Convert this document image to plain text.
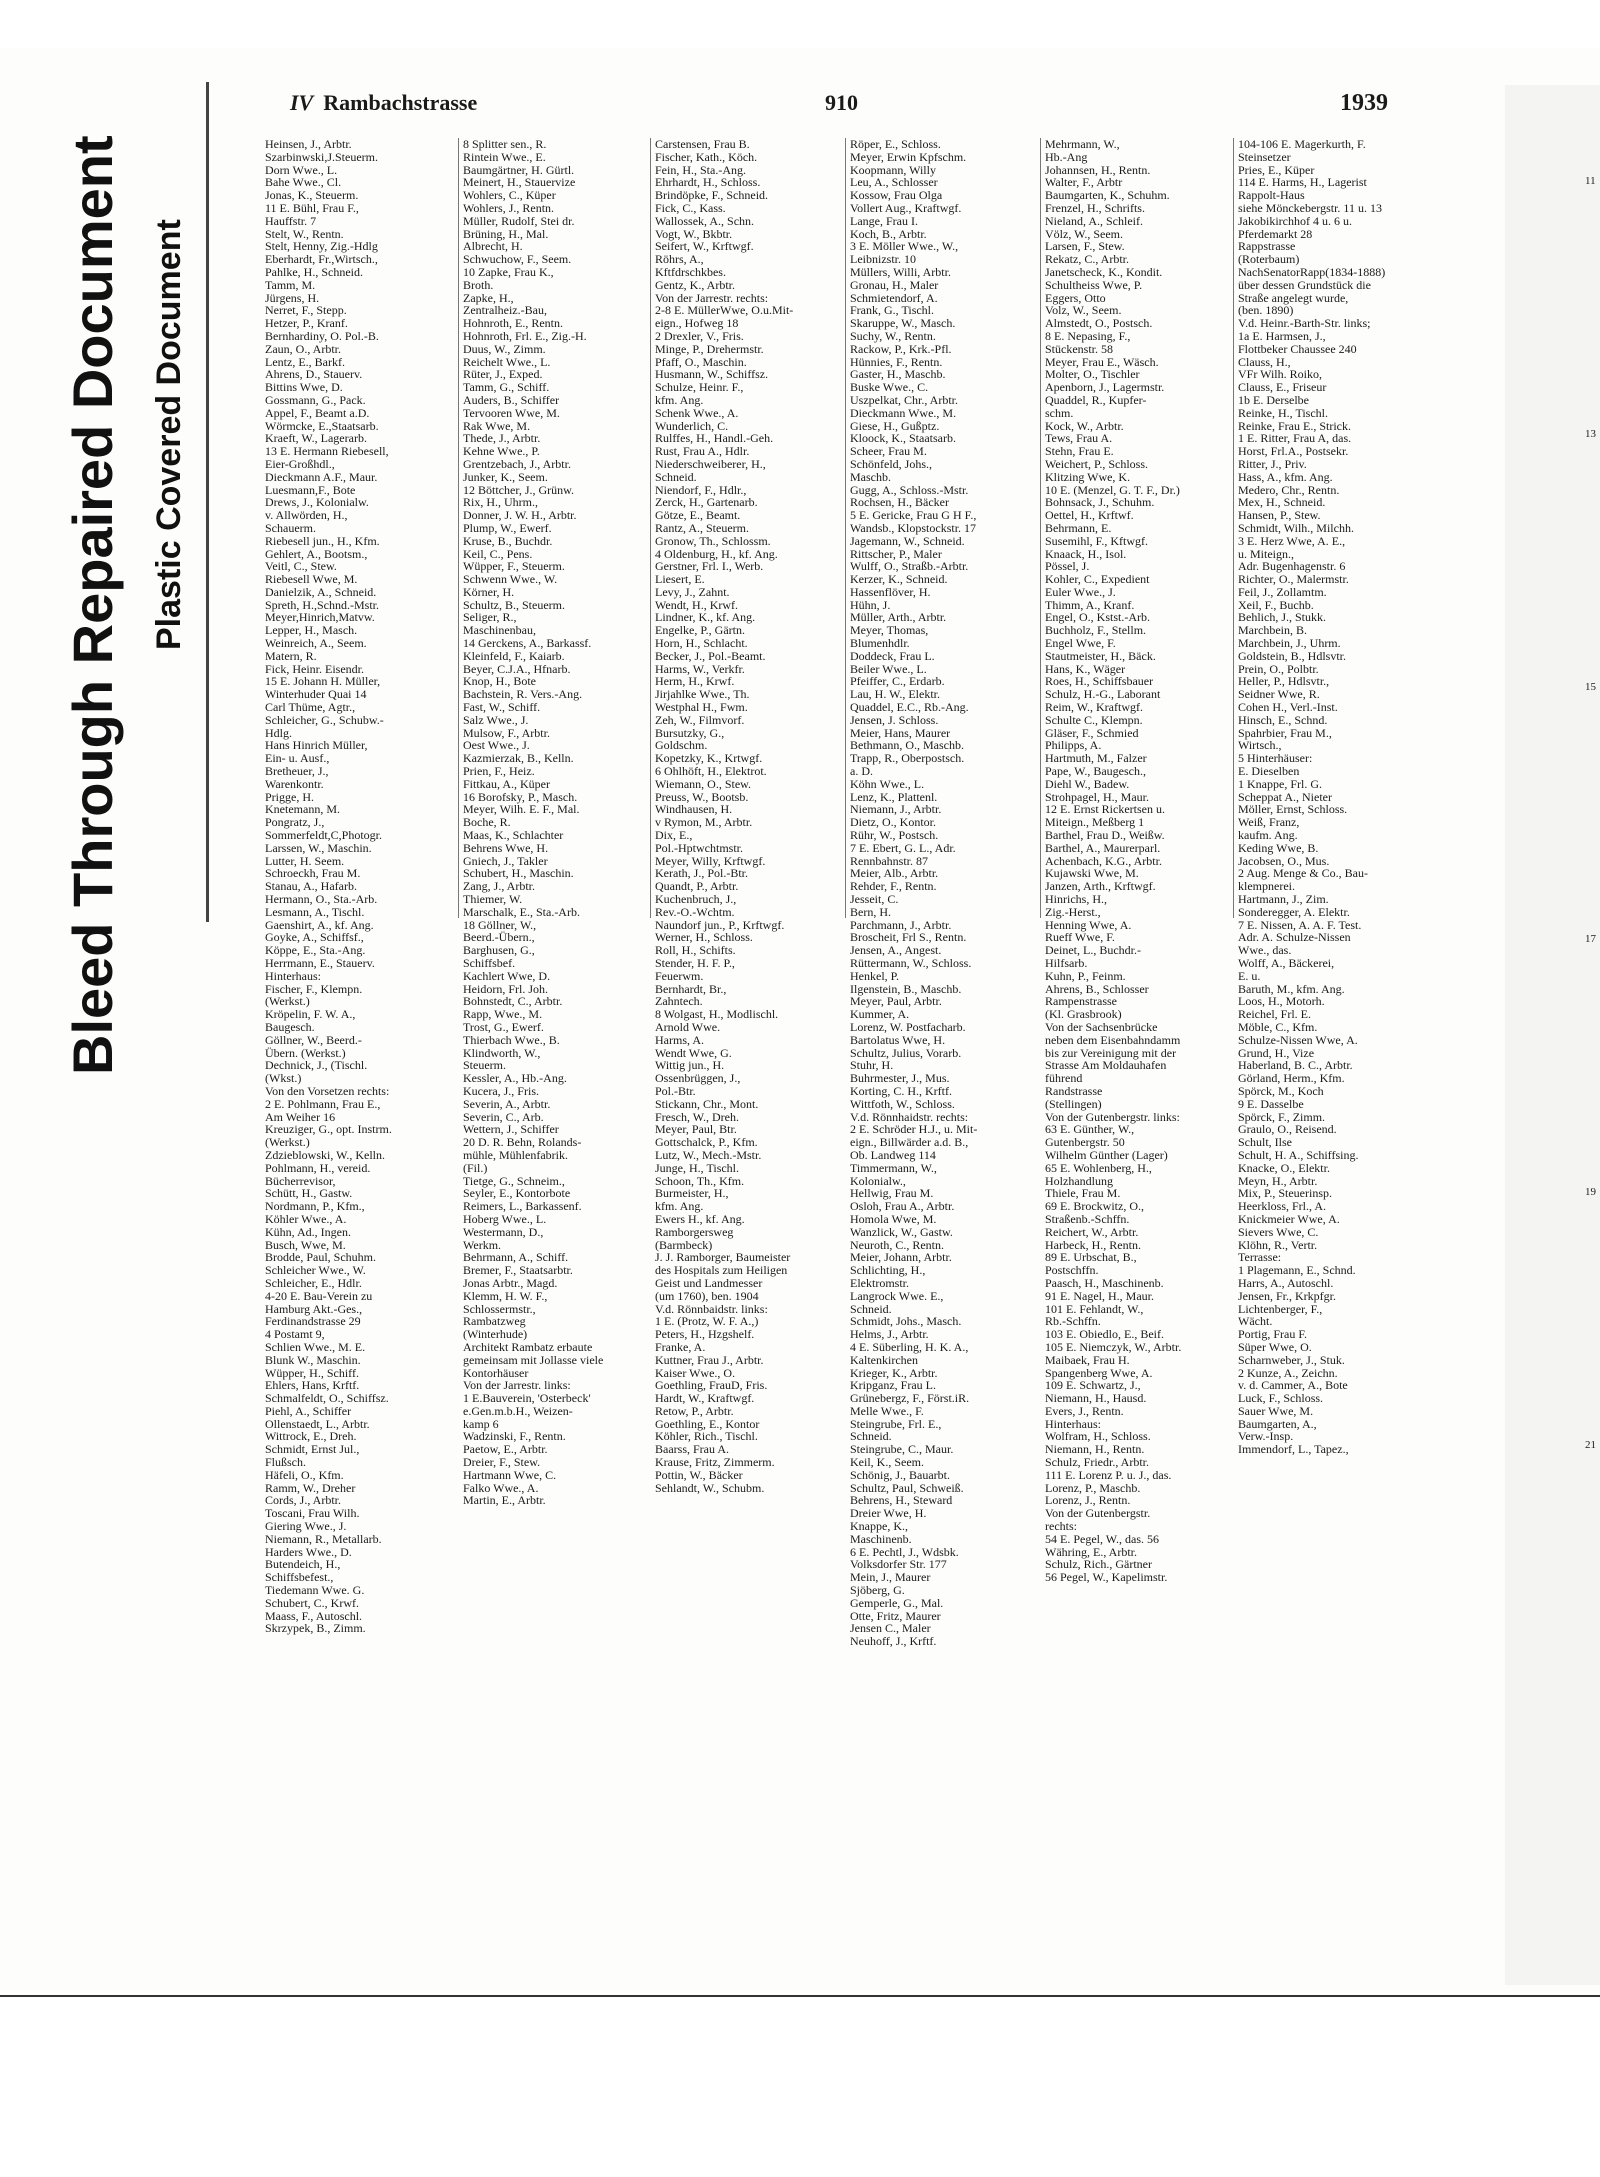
Bleed Through Repaired Document Plastic Covered Document
IV Rambachstrasse	910	1939
Heinsen, J., Arbtr.
Szarbinwski,J.Steuerm.
Dorn Wwe., L.
Bahe Wwe., Cl.
Jonas, K., Steuerm.
11 E. Bühl, Frau F.,
Hauffstr. 7
Stelt, W., Rentn.
Stelt, Henny, Zig.-Hdlg
Eberhardt, Fr.,Wirtsch.,
Pahlke, H., Schneid.
Tamm, M.
Jürgens, H.
Nerret, F., Stepp.
Hetzer, P., Kranf.
Bernhardiny, O. Pol.-B.
Zaun, O., Arbtr.
Lentz, E., Barkf.
Ahrens, D., Stauerv.
Bittins Wwe, D.
Gossmann, G., Pack.
Appel, F., Beamt a.D.
Wörmcke, E.,Staatsarb.
Kraeft, W., Lagerarb.
13 E. Hermann Riebesell,
Eier-Großhdl.,
Dieckmann A.F., Maur.
Luesmann,F., Bote
Drews, J., Kolonialw.
v. Allwörden, H.,
Schauerm.
Riebesell jun., H., Kfm.
Gehlert, A., Bootsm.,
Veitl, C., Stew.
Riebesell Wwe, M.
Danielzik, A., Schneid.
Spreth, H.,Schnd.-Mstr.
Meyer,Hinrich,Matvw.
Lepper, H., Masch.
Weinreich, A., Seem.
Matern, R.
Fick, Heinr. Eisendr.
15 E. Johann H. Müller,
Winterhuder Quai 14
Carl Thüme, Agtr.,
Schleicher, G., Schubw.-
Hdlg.
Hans Hinrich Müller,
Ein- u. Ausf.,
Bretheuer, J.,
Warenkontr.
Prigge, H.
Knetemann, M.
Pongratz, J.,
Sommerfeldt,C,Photogr.
Larssen, W., Maschin.
Lutter, H. Seem.
Schroeckh, Frau M.
Stanau, A., Hafarb.
Hermann, O., Sta.-Arb.
Lesmann, A., Tischl.
Gaenshirt, A., kf. Ang.
Goyke, A., Schiffsf.,
Köppe, E., Sta.-Ang.
Herrmann, E., Stauerv.
Hinterhaus:
Fischer, F., Klempn.
(Werkst.)
Kröpelin, F. W. A.,
Baugesch.
Göllner, W., Beerd.-
Übern. (Werkst.)
Dechnick, J., (Tischl.
(Wkst.)
Von den Vorsetzen rechts:
2 E. Pohlmann, Frau E.,
Am Weiher 16
Kreuziger, G., opt. Instrm.
(Werkst.)
Zdzieblowski, W., Kelln.
Pohlmann, H., vereid.
Bücherrevisor,
Schütt, H., Gastw.
Nordmann, P., Kfm.,
Köhler Wwe., A.
Kühn, Ad., Ingen.
Busch, Wwe, M.
Brodde, Paul, Schuhm.
Schleicher Wwe., W.
Schleicher, E., Hdlr.
4-20 E. Bau-Verein zu
Hamburg Akt.-Ges.,
Ferdinandstrasse 29
4 Postamt 9,
Schlien Wwe., M. E.
Blunk W., Maschin.
Wüpper, H., Schiff.
Ehlers, Hans, Krftf.
Schmalfeldt, O., Schiffsz.
Piehl, A., Schiffer
Ollenstaedt, L., Arbtr.
Wittrock, E., Dreh.
Schmidt, Ernst Jul.,
Flußsch.
Häfeli, O., Kfm.
Ramm, W., Dreher
Cords, J., Arbtr.
Toscani, Frau Wilh.
Giering Wwe., J.
Niemann, R., Metallarb.
Harders Wwe., D.
Butendeich, H.,
Schiffsbefest.,
Tiedemann Wwe. G.
Schubert, C., Krwf.
Maass, F., Autoschl.
Skrzypek, B., Zimm.
8 Splitter sen., R.
Rintein Wwe., E.
Baumgärtner, H. Gürtl.
Meinert, H., Stauervize
Wohlers, C., Küper
Wohlers, J., Rentn.
Müller, Rudolf, Stei dr.
Brüning, H., Mal.
Albrecht, H.
Schwuchow, F., Seem.
10 Zapke, Frau K.,
Broth.
Zapke, H.,
Zentralheiz.-Bau,
Hohnroth, E., Rentn.
Hohnroth, Frl. E., Zig.-H.
Duus, W., Zimm.
Reichelt Wwe., L.
Rüter, J., Exped.
Tamm, G., Schiff.
Auders, B., Schiffer
Tervooren Wwe, M.
Rak Wwe, M.
Thede, J., Arbtr.
Kehne Wwe., P.
Grentzebach, J., Arbtr.
Junker, K., Seem.
12 Böttcher, J., Grünw.
Rix, H., Uhrm.,
Donner, J. W. H., Arbtr.
Plump, W., Ewerf.
Kruse, B., Buchdr.
Keil, C., Pens.
Wüpper, F., Steuerm.
Schwenn Wwe., W.
Körner, H.
Schultz, B., Steuerm.
Seliger, R.,
Maschinenbau,
14 Gerckens, A., Barkassf.
Kleinfeld, F., Kaiarb.
Beyer, C.J.A., Hfnarb.
Knop, H., Bote
Bachstein, R. Vers.-Ang.
Fast, W., Schiff.
Salz Wwe., J.
Mulsow, F., Arbtr.
Oest Wwe., J.
Kazmierzak, B., Kelln.
Prien, F., Heiz.
Fittkau, A., Küper
16 Borofsky, P., Masch.
Meyer, Wilh. E. F., Mal.
Boche, R.
Maas, K., Schlachter
Behrens Wwe, H.
Gniech, J., Takler
Schubert, H., Maschin.
Zang, J., Arbtr.
Thiemer, W.
Marschalk, E., Sta.-Arb.
18 Göllner, W.,
Beerd.-Übern.,
Barghusen, G.,
Schiffsbef.
Kachlert Wwe, D.
Heidorn, Frl. Joh.
Bohnstedt, C., Arbtr.
Rapp, Wwe., M.
Trost, G., Ewerf.
Thierbach Wwe., B.
Klindworth, W.,
Steuerm.
Kessler, A., Hb.-Ang.
Kucera, J., Fris.
Severin, A., Arbtr.
Severin, C., Arb.
Wettern, J., Schiffer
20 D. R. Behn, Rolands-
mühle, Mühlenfabrik.
(Fil.)
Tietge, G., Schneim.,
Seyler, E., Kontorbote
Reimers, L., Barkassenf.
Hoberg Wwe., L.
Westermann, D.,
Werkm.
Behrmann, A., Schiff.
Bremer, F., Staatsarbtr.
Jonas Arbtr., Magd.
Klemm, H. W. F.,
Schlossermstr.,
Rambatzweg
(Winterhude)
Architekt Rambatz erbaute
gemeinsam mit Jollasse viele
Kontorhäuser
Von der Jarrestr. links:
1 E.Bauverein, 'Osterbeck'
e.Gen.m.b.H., Weizen-
kamp 6
Wadzinski, F., Rentn.
Paetow, E., Arbtr.
Dreier, F., Stew.
Hartmann Wwe, C.
Falko Wwe., A.
Martin, E., Arbtr.
Carstensen, Frau B.
Fischer, Kath., Köch.
Fein, H., Sta.-Ang.
Ehrhardt, H., Schloss.
Brindöpke, F., Schneid.
Fick, C., Kass.
Wallossek, A., Schn.
Vogt, W., Bkbtr.
Seifert, W., Krftwgf.
Röhrs, A.,
Kftfdrschkbes.
Gentz, K., Arbtr.
Von der Jarrestr. rechts:
2-8 E. MüllerWwe, O.u.Mit-
eign., Hofweg 18
2 Drexler, V., Fris.
Minge, P., Drehermstr.
Pfaff, O., Maschin.
Husmann, W., Schiffsz.
Schulze, Heinr. F.,
kfm. Ang.
Schenk Wwe., A.
Wunderlich, C.
Rulffes, H., Handl.-Geh.
Rust, Frau A., Hdlr.
Niederschweiberer, H.,
Schneid.
Niendorf, F., Hdlr.,
Zerck, H., Gartenarb.
Götze, E., Beamt.
Rantz, A., Steuerm.
Gronow, Th., Schlossm.
4 Oldenburg, H., kf. Ang.
Gerstner, Frl. I., Werb.
Liesert, E.
Levy, J., Zahnt.
Wendt, H., Krwf.
Lindner, K., kf. Ang.
Engelke, P., Gärtn.
Horn, H., Schlacht.
Becker, J., Pol.-Beamt.
Harms, W., Verkfr.
Herm, H., Krwf.
Jirjahlke Wwe., Th.
Westphal H., Fwm.
Zeh, W., Filmvorf.
Bursutzky, G.,
Goldschm.
Kopetzky, K., Krtwgf.
6 Ohlhöft, H., Elektrot.
Wiemann, O., Stew.
Preuss, W., Bootsb.
Windhausen, H.
v Rymon, M., Arbtr.
Dix, E.,
Pol.-Hptwchtmstr.
Meyer, Willy, Krftwgf.
Kerath, J., Pol.-Btr.
Quandt, P., Arbtr.
Kuchenbruch, J.,
Rev.-O.-Wchtm.
Naundorf jun., P., Krftwgf.
Werner, H., Schloss.
Roll, H., Schifts.
Stender, H. F. P.,
Feuerwm.
Bernhardt, Br.,
Zahntech.
8 Wolgast, H., Modlischl.
Arnold Wwe.
Harms, A.
Wendt Wwe, G.
Wittig jun., H.
Ossenbrüggen, J.,
Pol.-Btr.
Stickann, Chr., Mont.
Fresch, W., Dreh.
Meyer, Paul, Btr.
Gottschalck, P., Kfm.
Lutz, W., Mech.-Mstr.
Junge, H., Tischl.
Schoon, Th., Kfm.
Burmeister, H.,
kfm. Ang.
Ewers H., kf. Ang.
Ramborgersweg
(Barmbeck)
J. J. Ramborger, Baumeister
des Hospitals zum Heiligen
Geist und Landmesser
(um 1760), ben. 1904
V.d. Rönnbaidstr. links:
1 E. (Protz, W. F. A.,)
Peters, H., Hzgshelf.
Franke, A.
Kuttner, Frau J., Arbtr.
Kaiser Wwe., O.
Goethling, FrauD, Fris.
Hardt, W., Kraftwgf.
Retow, P., Arbtr.
Goethling, E., Kontor
Köhler, Rich., Tischl.
Baarss, Frau A.
Krause, Fritz, Zimmerm.
Pottin, W., Bäcker
Sehlandt, W., Schubm.
Röper, E., Schloss.
Meyer, Erwin Kpfschm.
Koopmann, Willy
Leu, A., Schlosser
Kossow, Frau Olga
Vollert Aug., Kraftwgf.
Lange, Frau I.
Koch, B., Arbtr.
3 E. Möller Wwe., W.,
Leibnizstr. 10
Müllers, Willi, Arbtr.
Gronau, H., Maler
Schmietendorf, A.
Frank, G., Tischl.
Skaruppe, W., Masch.
Suchy, W., Rentn.
Rackow, P., Krk.-Pfl.
Hünnies, F., Rentn.
Gaster, H., Maschb.
Buske Wwe., C.
Uszpelkat, Chr., Arbtr.
Dieckmann Wwe., M.
Giese, H., Gußptz.
Kloock, K., Staatsarb.
Scheer, Frau M.
Schönfeld, Johs.,
Maschb.
Gugg, A., Schloss.-Mstr.
Rochsen, H., Bäcker
5 E. Gericke, Frau G H F.,
Wandsb., Klopstockstr. 17
Jagemann, W., Schneid.
Rittscher, P., Maler
Wulff, O., Straßb.-Arbtr.
Kerzer, K., Schneid.
Hassenflöver, H.
Hühn, J.
Müller, Arth., Arbtr.
Meyer, Thomas,
Blumenhdlr.
Doddeck, Frau L.
Beiler Wwe., L.
Pfeiffer, C., Erdarb.
Lau, H. W., Elektr.
Quaddel, E.C., Rb.-Ang.
Jensen, J. Schloss.
Meier, Hans, Maurer
Bethmann, O., Maschb.
Trapp, R., Oberpostsch.
a. D.
Köhn Wwe., L.
Lenz, K., Plattenl.
Niemann, J., Arbtr.
Dietz, O., Kontor.
Rühr, W., Postsch.
7 E. Ebert, G. L., Adr.
Rennbahnstr. 87
Meier, Alb., Arbtr.
Rehder, F., Rentn.
Jesseit, C.
Bern, H.
Parchmann, J., Arbtr.
Broscheit, Frl S., Rentn.
Jensen, A., Angest.
Rüttermann, W., Schloss.
Henkel, P.
Ilgenstein, B., Maschb.
Meyer, Paul, Arbtr.
Kummer, A.
Lorenz, W. Postfacharb.
Bartolatus Wwe, H.
Schultz, Julius, Vorarb.
Stuhr, H.
Buhrmester, J., Mus.
Korting, C. H., Krftf.
Wittfoth, W., Schloss.
V.d. Rönnhaidstr. rechts:
2 E. Schröder H.J., u. Mit-
eign., Billwärder a.d. B.,
Ob. Landweg 114
Timmermann, W.,
Kolonialw.,
Hellwig, Frau M.
Osloh, Frau A., Arbtr.
Homola Wwe, M.
Wanzlick, W., Gastw.
Neuroth, C., Rentn.
Meier, Johann, Arbtr.
Schlichting, H.,
Elektromstr.
Langrock Wwe. E.,
Schneid.
Schmidt, Johs., Masch.
Helms, J., Arbtr.
4 E. Süberling, H. K. A.,
Kaltenkirchen
Krieger, K., Arbtr.
Kripganz, Frau L.
Grünebergz, F., Först.iR.
Melle Wwe., F.
Steingrube, Frl. E.,
Schneid.
Steingrube, C., Maur.
Keil, K., Seem.
Schönig, J., Bauarbt.
Schultz, Paul, Schweiß.
Behrens, H., Steward
Dreier Wwe, H.
Knappe, K.,
Maschinenb.
6 E. Pechtl, J., Wdsbk.
Volksdorfer Str. 177
Mein, J., Maurer
Sjöberg, G.
Gemperle, G., Mal.
Otte, Fritz, Maurer
Jensen C., Maler
Neuhoff, J., Krftf.
Mehrmann, W.,
Hb.-Ang
Johannsen, H., Rentn.
Walter, F., Arbtr
Baumgarten, K., Schuhm.
Frenzel, H., Schrifts.
Nieland, A., Schleif.
Völz, W., Seem.
Larsen, F., Stew.
Rekatz, C., Arbtr.
Janetscheck, K., Kondit.
Schultheiss Wwe, P.
Eggers, Otto
Volz, W., Seem.
Almstedt, O., Postsch.
8 E. Nepasing, F.,
Stückenstr. 58
Meyer, Frau E., Wäsch.
Molter, O., Tischler
Apenborn, J., Lagermstr.
Quaddel, R., Kupfer-
schm.
Kock, W., Arbtr.
Tews, Frau A.
Stehn, Frau E.
Weichert, P., Schloss.
Klitzing Wwe, K.
10 E. (Menzel, G. T. F., Dr.)
Bohnsack, J., Schuhm.
Oettel, H., Krftwf.
Behrmann, E.
Susemihl, F., Kftwgf.
Knaack, H., Isol.
Pössel, J.
Kohler, C., Expedient
Euler Wwe., J.
Thimm, A., Kranf.
Engel, O., Kstst.-Arb.
Buchholz, F., Stellm.
Engel Wwe, F.
Stautmeister, H., Bäck.
Hans, K., Wäger
Roes, H., Schiffsbauer
Schulz, H.-G., Laborant
Reim, W., Kraftwgf.
Schulte C., Klempn.
Gläser, F., Schmied
Philipps, A.
Hartmuth, M., Falzer
Pape, W., Baugesch.,
Diehl W., Badew.
Strohpagel, H., Maur.
12 E. Ernst Rickertsen u.
Miteign., Meßberg 1
Barthel, Frau D., Weißw.
Barthel, A., Maurerparl.
Achenbach, K.G., Arbtr.
Kujawski Wwe, M.
Janzen, Arth., Krftwgf.
Hinrichs, H.,
Zig.-Herst.,
Henning Wwe, A.
Rueff Wwe, F.
Deinet, L., Buchdr.-
Hilfsarb.
Kuhn, P., Feinm.
Ahrens, B., Schlosser
Rampenstrasse
(Kl. Grasbrook)
Von der Sachsenbrücke
neben dem Eisenbahndamm
bis zur Vereinigung mit der
Strasse Am Moldauhafen
führend
Randstrasse
(Stellingen)
Von der Gutenbergstr. links:
63 E. Günther, W.,
Gutenbergstr. 50
Wilhelm Günther (Lager)
65 E. Wohlenberg, H.,
Holzhandlung
Thiele, Frau M.
69 E. Brockwitz, O.,
Straßenb.-Schffn.
Reichert, W., Arbtr.
Harbeck, H., Rentn.
89 E. Urbschat, B.,
Postschffn.
Paasch, H., Maschinenb.
91 E. Nagel, H., Maur.
101 E. Fehlandt, W.,
Rb.-Schffn.
103 E. Obiedlo, E., Beif.
105 E. Niemczyk, W., Arbtr.
Maibaek, Frau H.
Spangenberg Wwe, A.
109 E. Schwartz, J.,
Niemann, H., Hausd.
Evers, J., Rentn.
Hinterhaus:
Wolfram, H., Schloss.
Niemann, H., Rentn.
Schulz, Friedr., Arbtr.
111 E. Lorenz P. u. J., das.
Lorenz, P., Maschb.
Lorenz, J., Rentn.
Von der Gutenbergstr.
rechts:
54 E. Pegel, W., das. 56
Währing, E., Arbtr.
Schulz, Rich., Gärtner
56 Pegel, W., Kapelimstr.
104-106 E. Magerkurth, F.
Steinsetzer
Pries, E., Küper
114 E. Harms, H., Lagerist
Rappolt-Haus
siehe Mönckebergstr. 11 u. 13
Jakobikirchhof 4 u. 6 u.
Pferdemarkt 28
Rappstrasse
(Roterbaum)
NachSenatorRapp(1834-1888)
über dessen Grundstück die
Straße angelegt wurde,
(ben. 1890)
V.d. Heinr.-Barth-Str. links;
1a E. Harmsen, J.,
Flottbeker Chaussee 240
Clauss, H.,
VFr Wilh. Roiko,
Clauss, E., Friseur
1b E. Derselbe
Reinke, H., Tischl.
Reinke, Frau E., Strick.
1 E. Ritter, Frau A, das.
Horst, Frl.A., Postsekr.
Ritter, J., Priv.
Hass, A., kfm. Ang.
Medero, Chr., Rentn.
Mex, H., Schneid.
Hansen, P., Stew.
Schmidt, Wilh., Milchh.
3 E. Herz Wwe, A. E.,
u. Miteign.,
Adr. Bugenhagenstr. 6
Richter, O., Malermstr.
Feil, J., Zollamtm.
Xeil, F., Buchb.
Behlich, J., Stukk.
Marchbein, B.
Marchbein, J., Uhrm.
Goldstein, B., Hdlsvtr.
Prein, O., Polbtr.
Heller, P., Hdlsvtr.,
Seidner Wwe, R.
Cohen H., Verl.-Inst.
Hinsch, E., Schnd.
Spahrbier, Frau M.,
Wirtsch.,
5 Hinterhäuser:
E. Dieselben
1 Knappe, Frl. G.
Scheppat A., Nieter
Möller, Ernst, Schloss.
Weiß, Franz,
kaufm. Ang.
Keding Wwe, B.
Jacobsen, O., Mus.
2 Aug. Menge & Co., Bau-
klempnerei.
Hartmann, J., Zim.
Sonderegger, A. Elektr.
7 E. Nissen, A. A. F. Test.
Adr. A. Schulze-Nissen
Wwe., das.
Wolff, A., Bäckerei,
E. u.
Baruth, M., kfm. Ang.
Loos, H., Motorh.
Reichel, Frl. E.
Möble, C., Kfm.
Schulze-Nissen Wwe, A.
Grund, H., Vize
Haberland, B. C., Arbtr.
Görland, Herm., Kfm.
Spörck, M., Koch
9 E. Dasselbe
Spörck, F., Zimm.
Graulo, O., Reisend.
Schult, Ilse
Schult, H. A., Schiffsing.
Knacke, O., Elektr.
Meyn, H., Arbtr.
Mix, P., Steuerinsp.
Heerkloss, Frl., A.
Knickmeier Wwe, A.
Sievers Wwe, C.
Klöhn, R., Vertr.
Terrasse:
1 Plagemann, E., Schnd.
Harrs, A., Autoschl.
Jensen, Fr., Krkpfgr.
Lichtenberger, F.,
Wächt.
Portig, Frau F.
Süper Wwe, O.
Scharnweber, J., Stuk.
2 Kunze, A., Zeichn.
v. d. Cammer, A., Bote
Luck, F., Schloss.
Sauer Wwe, M.
Baumgarten, A.,
Verw.-Insp.
Immendorf, L., Tapez.,
11
13
15
17
19
21
